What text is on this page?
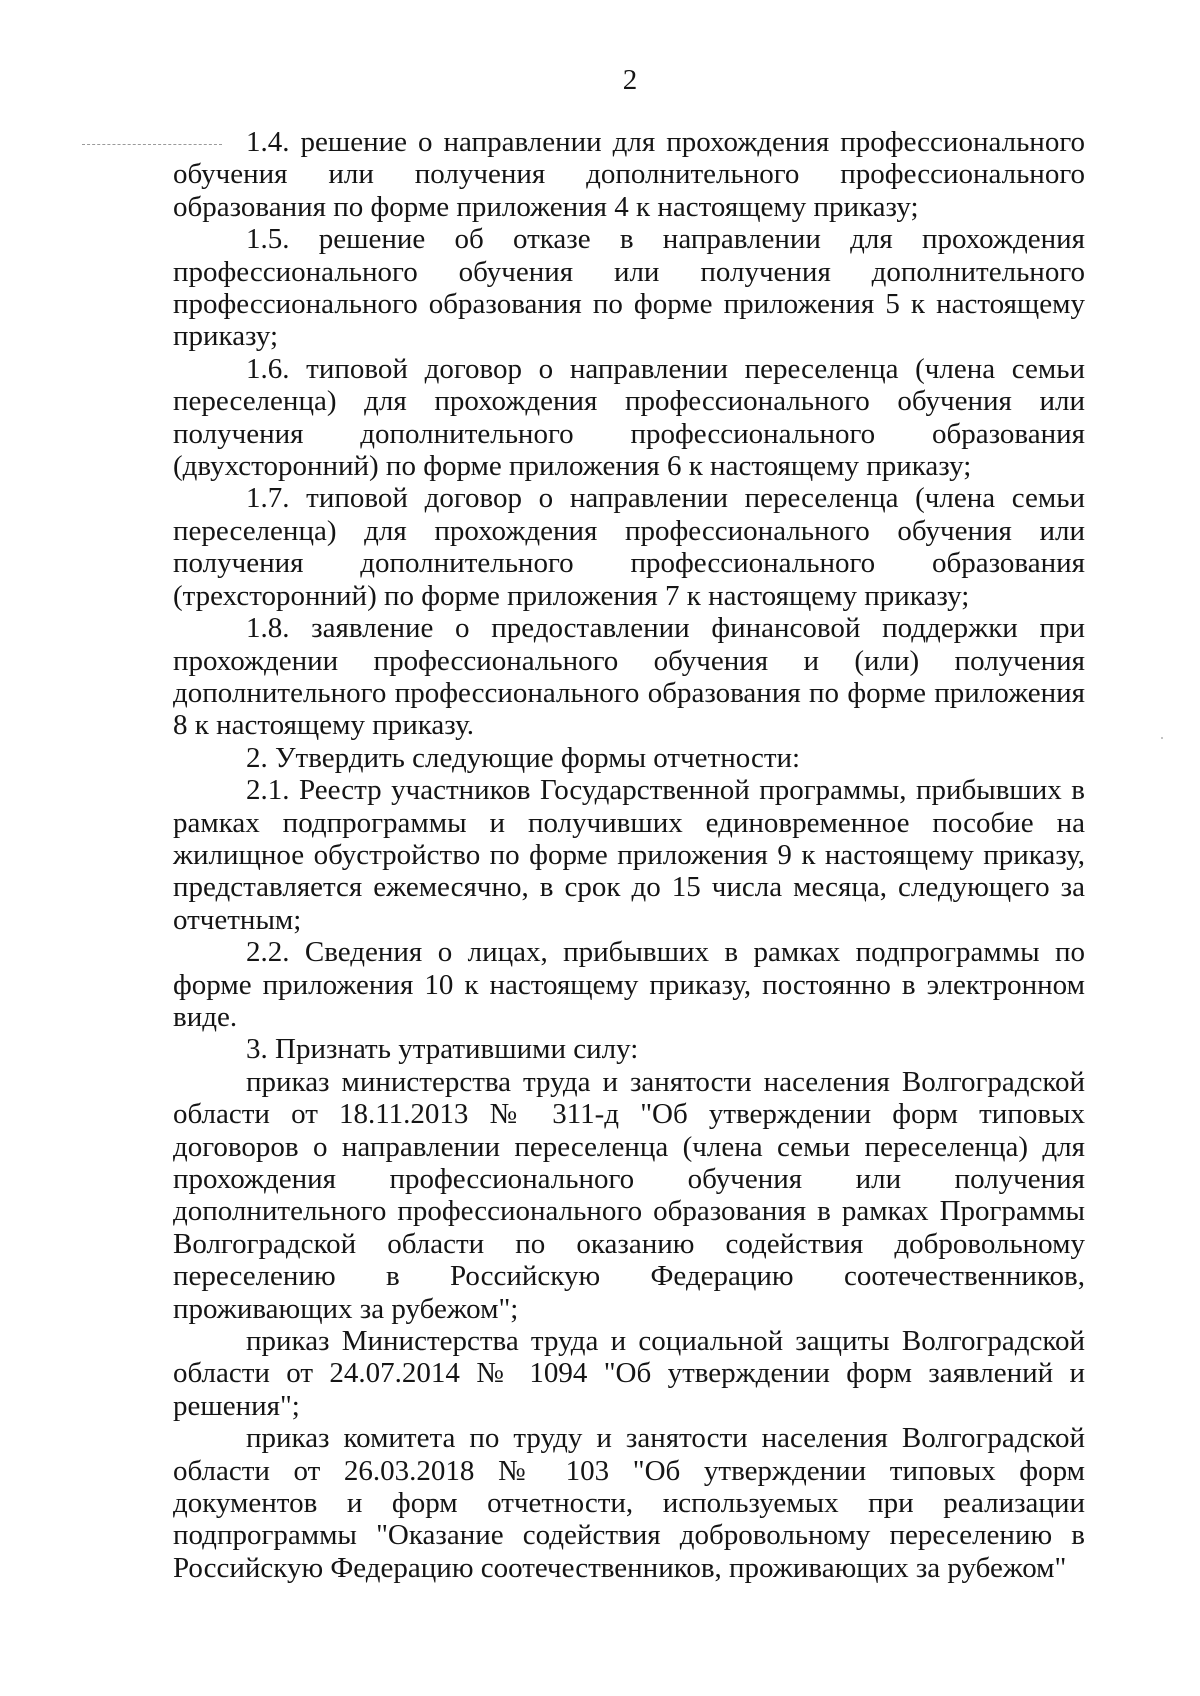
2

1.4. решение о направлении для прохождения профессионального обучения или получения дополнительного профессионального образования по форме приложения 4 к настоящему приказу;

1.5. решение об отказе в направлении для прохождения профессионального обучения или получения дополнительного профессионального образования по форме приложения 5 к настоящему приказу;

1.6. типовой договор о направлении переселенца (члена семьи переселенца) для прохождения профессионального обучения или получения дополнительного профессионального образования (двухсторонний) по форме приложения 6 к настоящему приказу;

1.7. типовой договор о направлении переселенца (члена семьи переселенца) для прохождения профессионального обучения или получения дополнительного профессионального образования (трехсторонний) по форме приложения 7 к настоящему приказу;

1.8. заявление о предоставлении финансовой поддержки при прохождении профессионального обучения и (или) получения дополнительного профессионального образования по форме приложения 8 к настоящему приказу.

2. Утвердить следующие формы отчетности:

2.1. Реестр участников Государственной программы, прибывших в рамках подпрограммы и получивших единовременное пособие на жилищное обустройство по форме приложения 9 к настоящему приказу, представляется ежемесячно, в срок до 15 числа месяца, следующего за отчетным;

2.2. Сведения о лицах, прибывших в рамках подпрограммы по форме приложения 10 к настоящему приказу, постоянно в электронном виде.

3. Признать утратившими силу:

приказ министерства труда и занятости населения Волгоградской области от 18.11.2013 № 311-д "Об утверждении форм типовых договоров о направлении переселенца (члена семьи переселенца) для прохождения профессионального обучения или получения дополнительного профессионального образования в рамках Программы Волгоградской области по оказанию содействия добровольному переселению в Российскую Федерацию соотечественников, проживающих за рубежом";

приказ Министерства труда и социальной защиты Волгоградской области от 24.07.2014 № 1094 "Об утверждении форм заявлений и решения";

приказ комитета по труду и занятости населения Волгоградской области от 26.03.2018 № 103 "Об утверждении типовых форм документов и форм отчетности, используемых при реализации подпрограммы "Оказание содействия добровольному переселению в Российскую Федерацию соотечественников, проживающих за рубежом"
